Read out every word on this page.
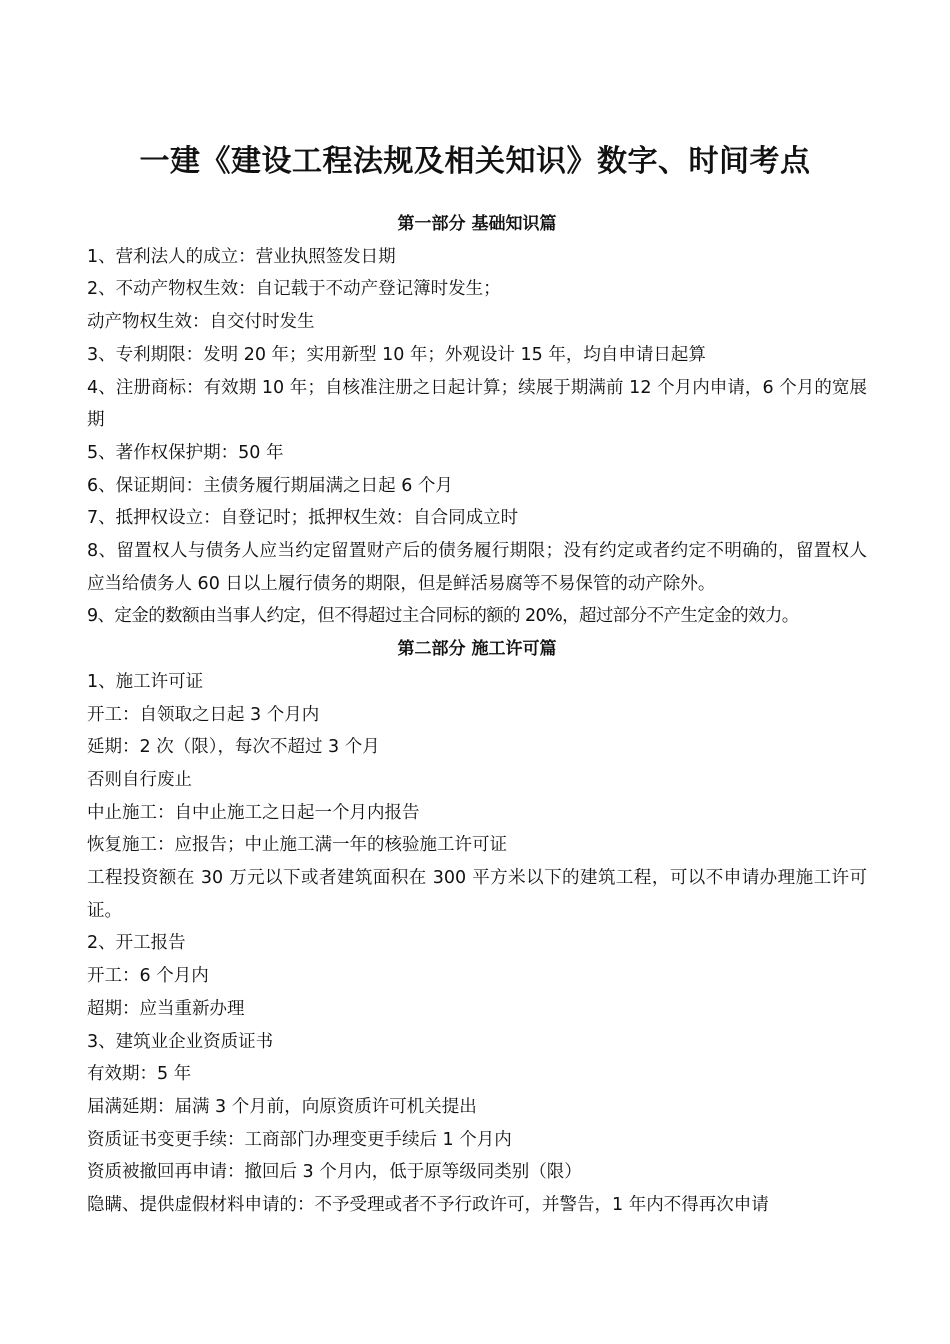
一建《建设工程法规及相关知识》数字、时间考点
第一部分 基础知识篇
1、营利法人的成立：营业执照签发日期
2、不动产物权生效：自记载于不动产登记簿时发生；
动产物权生效：自交付时发生
3、专利期限：发明 20 年；实用新型 10 年；外观设计 15 年，均自申请日起算
4、注册商标：有效期 10 年；自核准注册之日起计算；续展于期满前 12 个月内申请，6 个月的宽展期
5、著作权保护期：50 年
6、保证期间：主债务履行期届满之日起 6 个月
7、抵押权设立：自登记时；抵押权生效：自合同成立时
8、留置权人与债务人应当约定留置财产后的债务履行期限；没有约定或者约定不明确的，留置权人应当给债务人 60 日以上履行债务的期限，但是鲜活易腐等不易保管的动产除外。
9、定金的数额由当事人约定，但不得超过主合同标的额的 20%，超过部分不产生定金的效力。
第二部分 施工许可篇
1、施工许可证
开工：自领取之日起 3 个月内
延期：2 次（限），每次不超过 3 个月
否则自行废止
中止施工：自中止施工之日起一个月内报告
恢复施工：应报告；中止施工满一年的核验施工许可证
工程投资额在 30 万元以下或者建筑面积在 300 平方米以下的建筑工程，可以不申请办理施工许可证。
2、开工报告
开工：6 个月内
超期：应当重新办理
3、建筑业企业资质证书
有效期：5 年
届满延期：届满 3 个月前，向原资质许可机关提出
资质证书变更手续：工商部门办理变更手续后 1 个月内
资质被撤回再申请：撤回后 3 个月内，低于原等级同类别（限）
隐瞒、提供虚假材料申请的：不予受理或者不予行政许可，并警告，1 年内不得再次申请
